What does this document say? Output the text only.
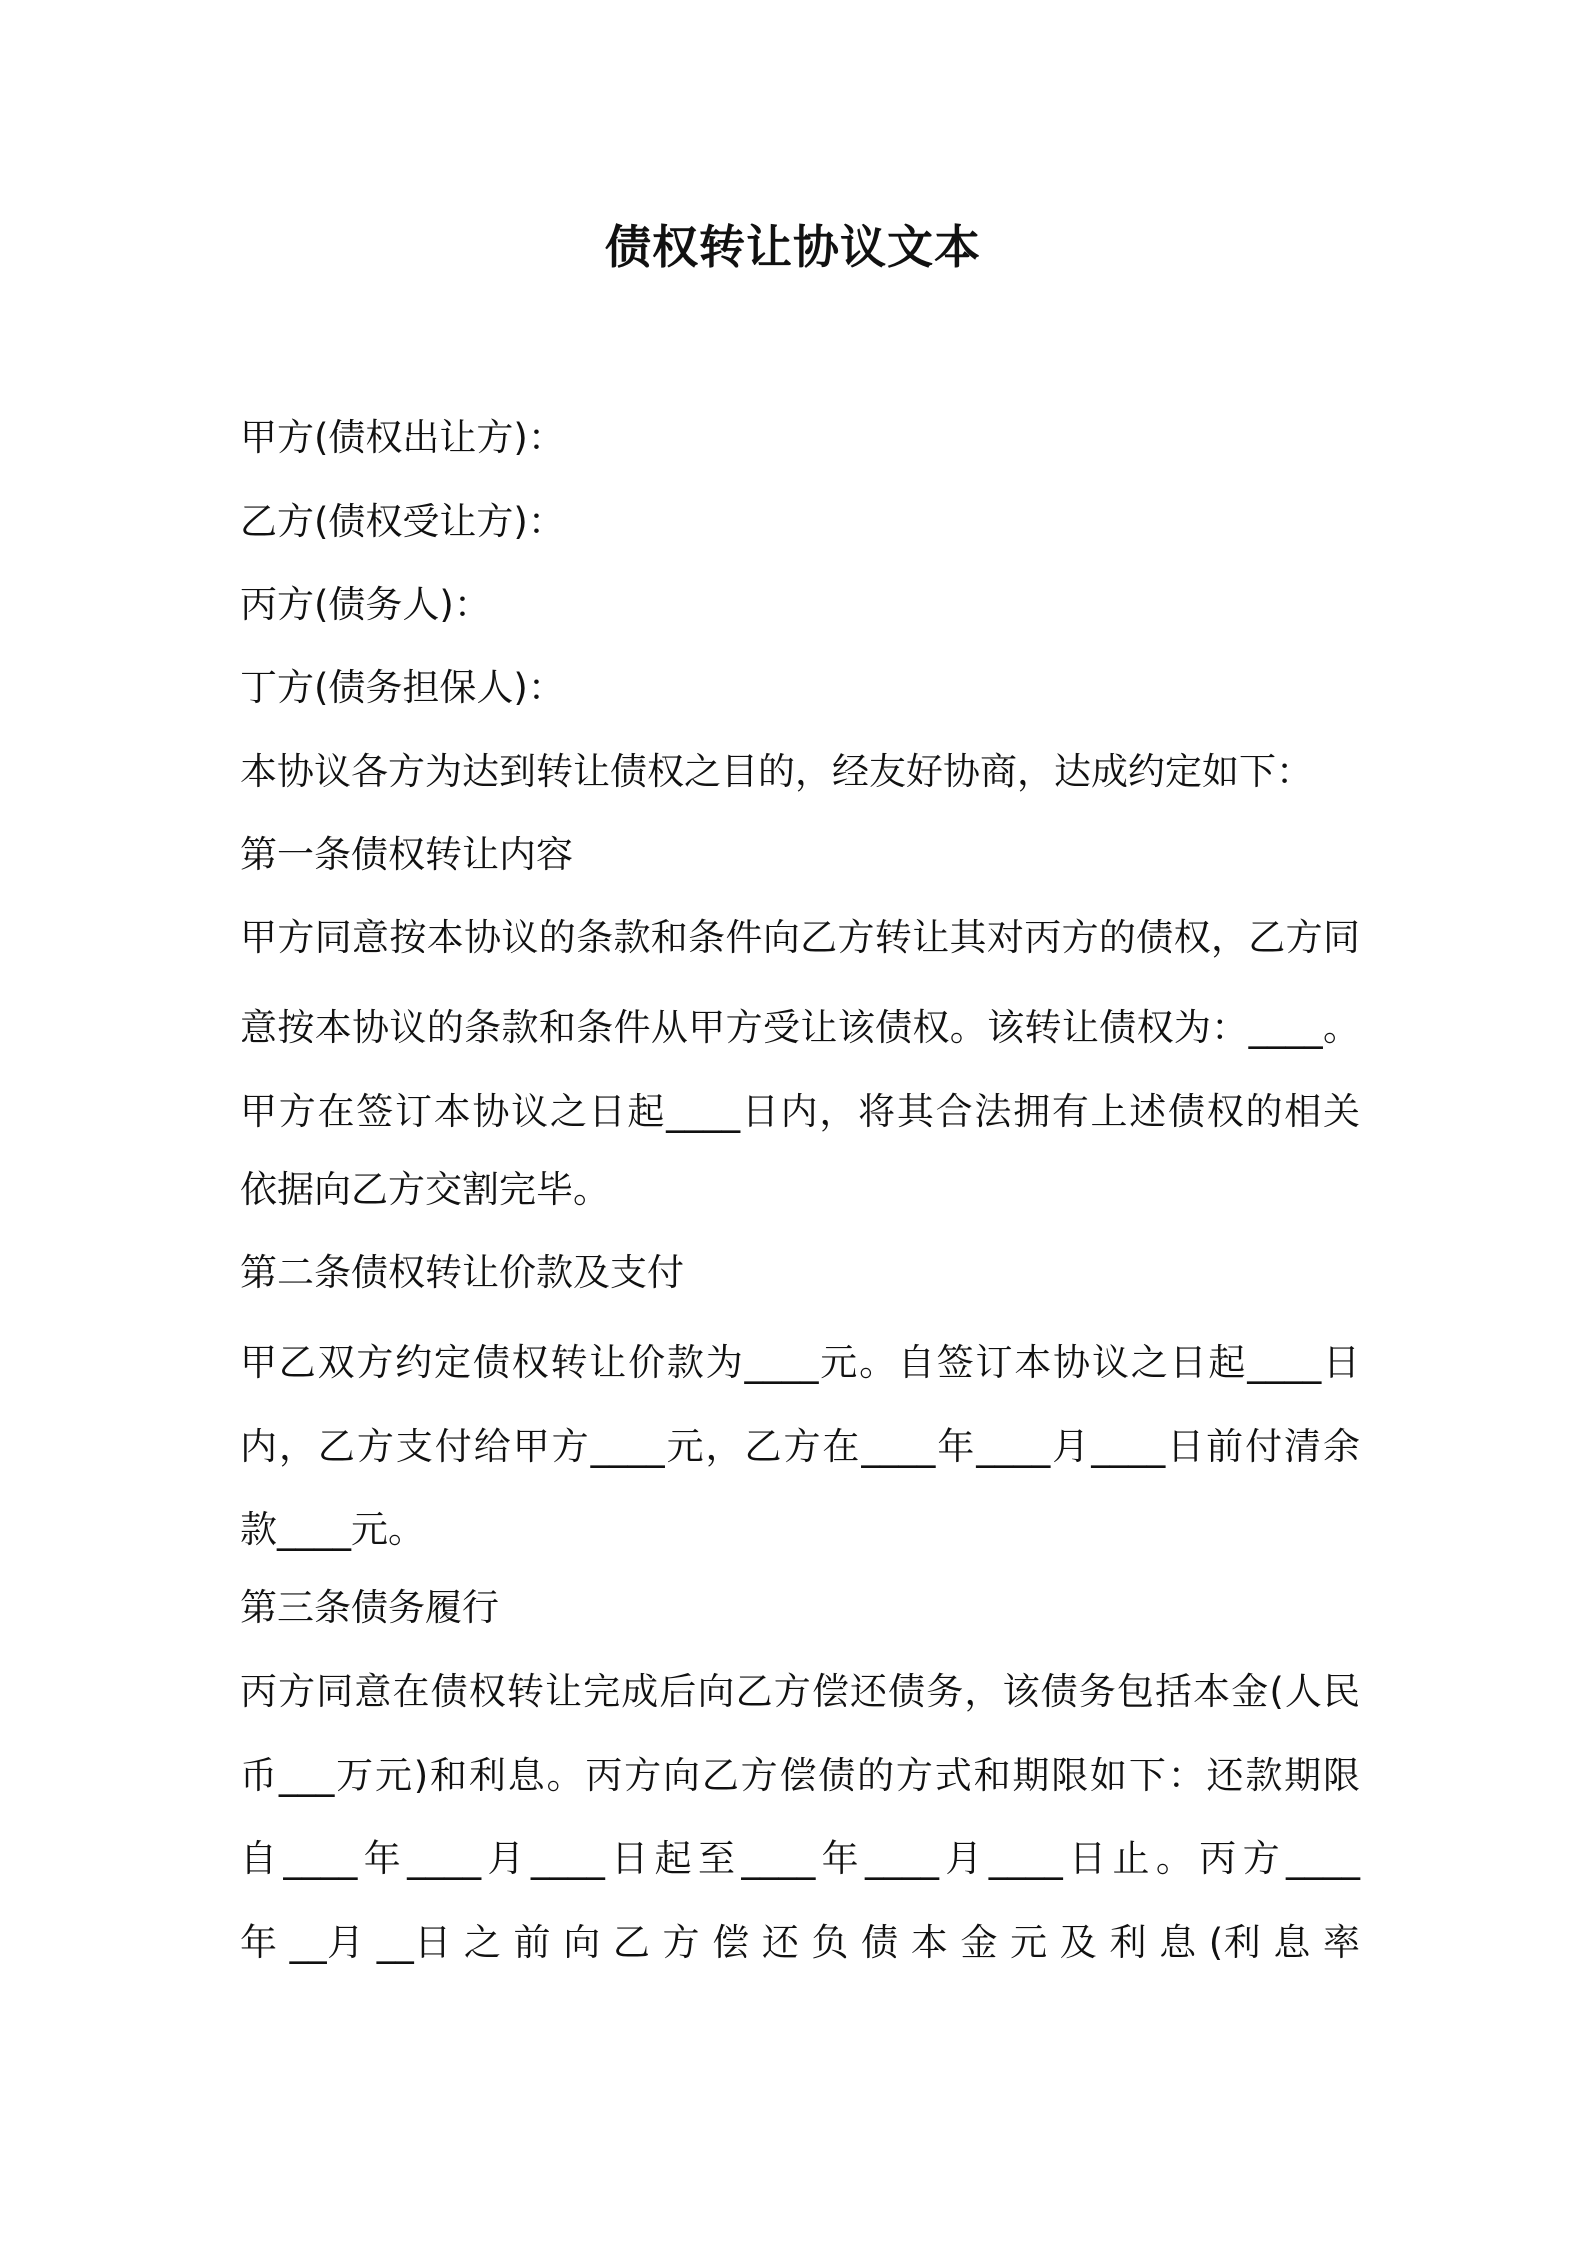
债权转让协议文本
甲方(债权出让方)：
乙方(债权受让方)：
丙方(债务人)：
丁方(债务担保人)：
本协议各方为达到转让债权之目的，经友好协商，达成约定如下：
第一条债权转让内容
甲方同意按本协议的条款和条件向乙方转让其对丙方的债权，乙方同
意按本协议的条款和条件从甲方受让该债权。该转让债权为：____。
甲方在签订本协议之日起____日内，将其合法拥有上述债权的相关
依据向乙方交割完毕。
第二条债权转让价款及支付
甲乙双方约定债权转让价款为____元。自签订本协议之日起____日
内，乙方支付给甲方____元，乙方在____年____月____日前付清余
款____元。
第三条债务履行
丙方同意在债权转让完成后向乙方偿还债务，该债务包括本金(人民
币___万元)和利息。丙方向乙方偿债的方式和期限如下：还款期限
自____年____月____日起至____年____月____日止。丙方____
年 __月 __日 之 前 向 乙 方 偿 还 负 债 本 金 元 及 利 息 (利 息 率
